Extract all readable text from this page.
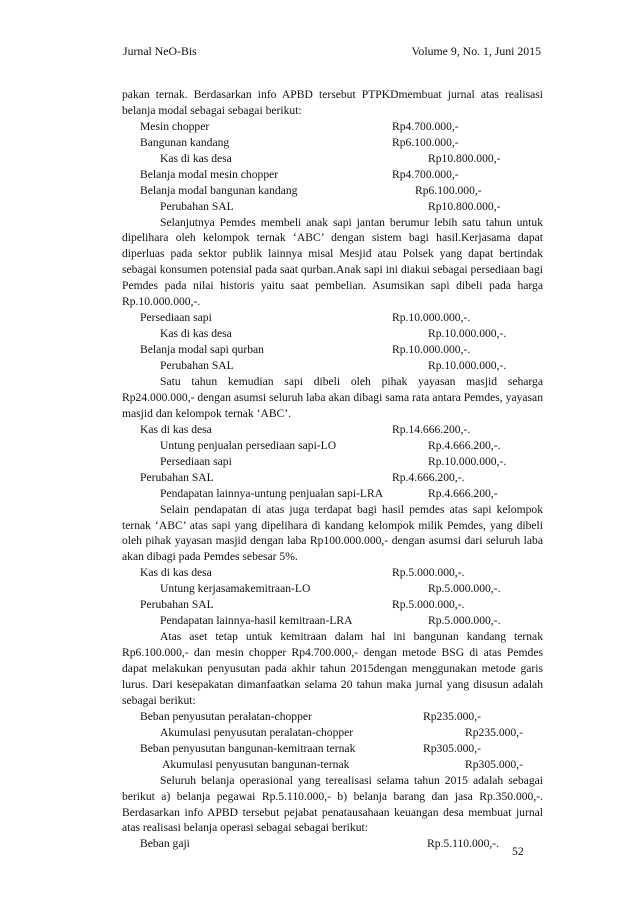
Jurnal NeO-Bis	Volume 9, No. 1, Juni 2015

pakan ternak. Berdasarkan info APBD tersebut PTPKDmembuat jurnal atas realisasi belanja modal sebagai sebagai berikut:

Mesin chopper	Rp4.700.000,-
Bangunan kandang	Rp6.100.000,-
Kas di kas desa	Rp10.800.000,-
Belanja modal mesin chopper	Rp4.700.000,-
Belanja modal bangunan kandang	Rp6.100.000,-
Perubahan SAL	Rp10.800.000,-

Selanjutnya Pemdes membeli anak sapi jantan berumur lebih satu tahun untuk dipelihara oleh kelompok ternak ‘ABC’ dengan sistem bagi hasil.Kerjasama dapat diperluas pada sektor publik lainnya misal Mesjid atau Polsek yang dapat bertindak sebagai konsumen potensial pada saat qurban.Anak sapi ini diakui sebagai persediaan bagi Pemdes pada nilai historis yaitu saat pembelian. Asumsikan sapi dibeli pada harga Rp.10.000.000,-.

Persediaan sapi	Rp.10.000.000,-.
Kas di kas desa	Rp.10.000.000,-.
Belanja modal sapi qurban	Rp.10.000.000,-.
Perubahan SAL	Rp.10.000.000,-.

Satu tahun kemudian sapi dibeli oleh pihak yayasan masjid seharga Rp24.000.000,- dengan asumsi seluruh laba akan dibagi sama rata antara Pemdes, yayasan masjid dan kelompok ternak ‘ABC’.

Kas di kas desa	Rp.14.666.200,-.
Untung penjualan persediaan sapi-LO	Rp.4.666.200,-.
Persediaan sapi	Rp.10.000.000,-.
Perubahan SAL	Rp.4.666.200,-.
Pendapatan lainnya-untung penjualan sapi-LRA	Rp.4.666.200,-

Selain pendapatan di atas juga terdapat bagi hasil pemdes atas sapi kelompok ternak ‘ABC’ atas sapi yang dipelihara di kandang kelompok milik Pemdes, yang dibeli oleh pihak yayasan masjid dengan laba Rp100.000.000,- dengan asumsi dari seluruh laba akan dibagi pada Pemdes sebesar 5%.

Kas di kas desa	Rp.5.000.000,-.
Untung kerjasamakemitraan-LO	Rp.5.000.000,-.
Perubahan SAL	Rp.5.000.000,-.
Pendapatan lainnya-hasil kemitraan-LRA	Rp.5.000.000,-.

Atas aset tetap untuk kemitraan dalam hal ini bangunan kandang ternak Rp6.100.000,- dan mesin chopper Rp4.700.000,- dengan metode BSG di atas Pemdes dapat melakukan penyusutan pada akhir tahun 2015dengan menggunakan metode garis lurus. Dari kesepakatan dimanfaatkan selama 20 tahun maka jurnal yang disusun adalah sebagai berikut:

Beban penyusutan peralatan-chopper	Rp235.000,-
Akumulasi penyusutan peralatan-chopper	Rp235.000,-
Beban penyusutan bangunan-kemitraan ternak	Rp305.000,-
Akumulasi penyusutan bangunan-ternak	Rp305.000,-

Seluruh belanja operasional yang terealisasi selama tahun 2015 adalah sebagai berikut a) belanja pegawai Rp.5.110.000,- b) belanja barang dan jasa Rp.350.000,-. Berdasarkan info APBD tersebut pejabat penatausahaan keuangan desa membuat jurnal atas realisasi belanja operasi sebagai sebagai berikut:

Beban gaji	Rp.5.110.000,-.
52
